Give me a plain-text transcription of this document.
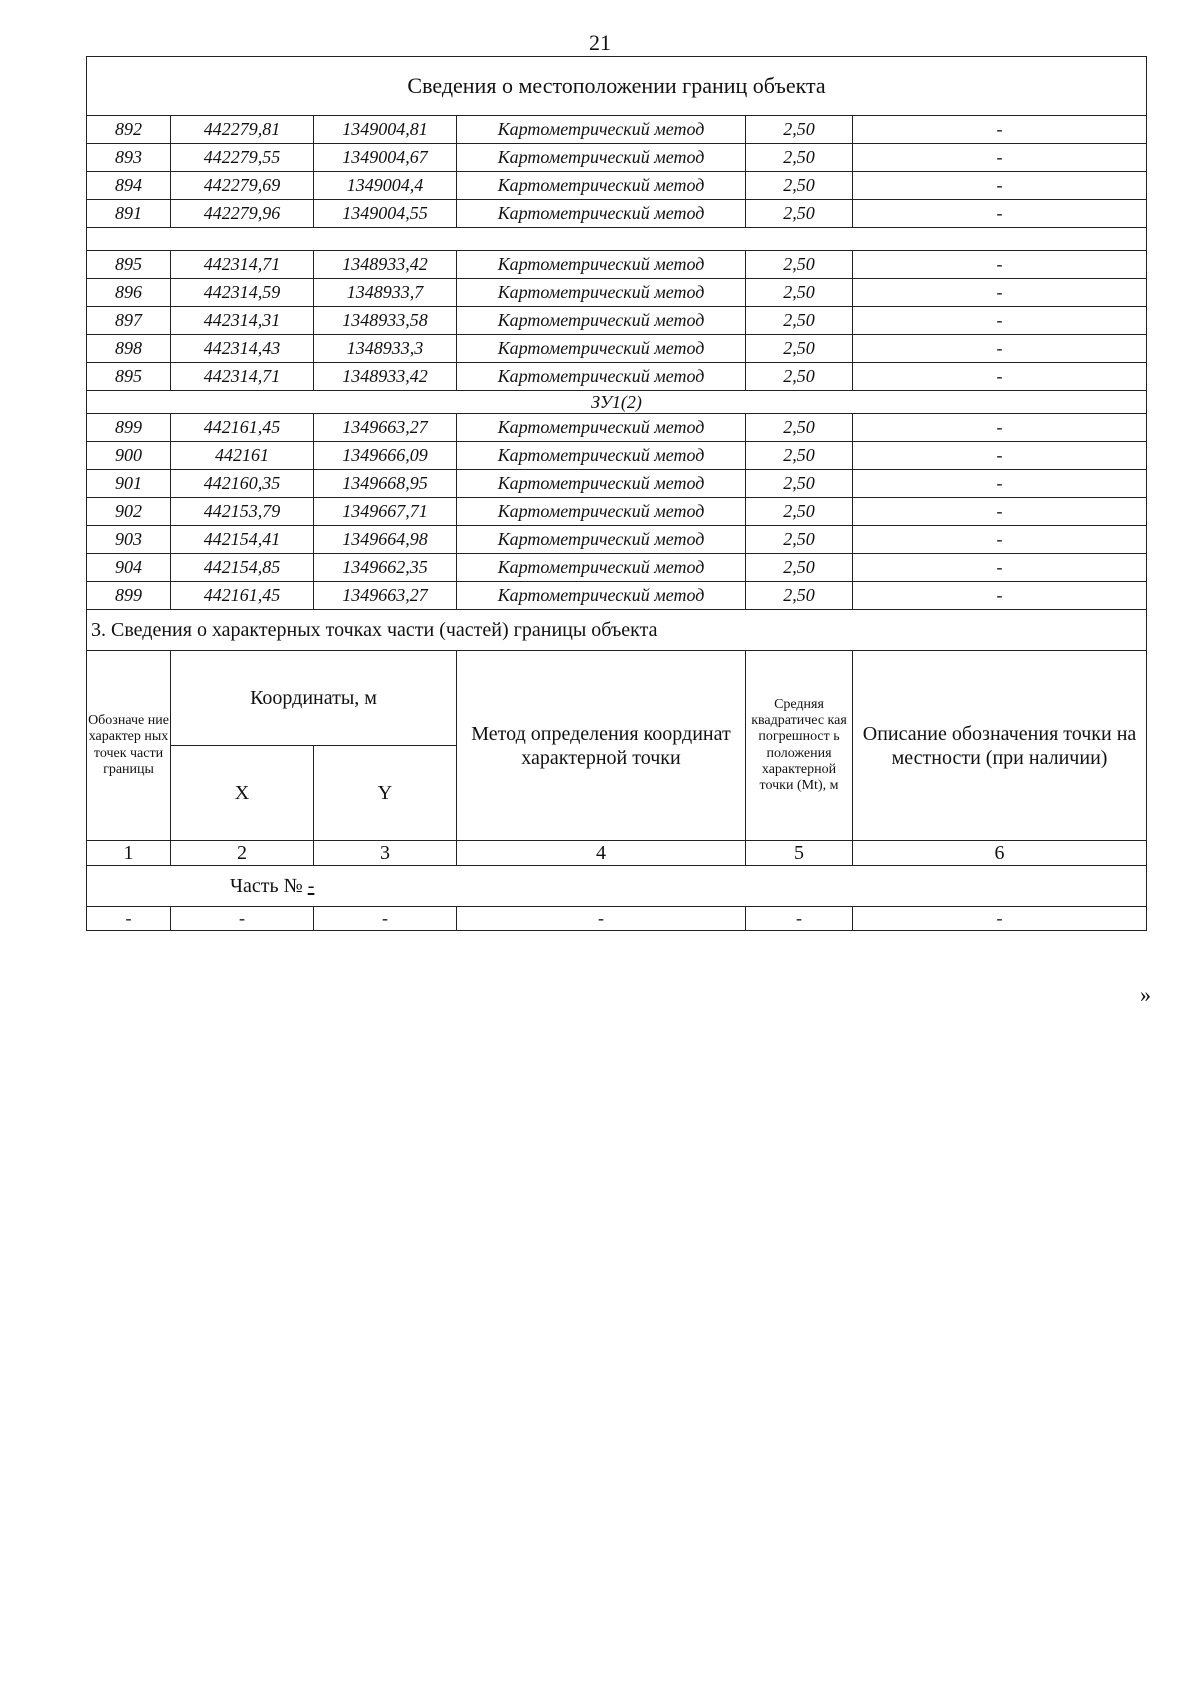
21
Сведения о местоположении границ объекта					
892	442279,81	1349004,81	Картометрический метод	2,50	-
893	442279,55	1349004,67	Картометрический метод	2,50	-
894	442279,69	1349004,4	Картометрический метод	2,50	-
891	442279,96	1349004,55	Картометрический метод	2,50	-

895	442314,71	1348933,42	Картометрический метод	2,50	-
896	442314,59	1348933,7	Картометрический метод	2,50	-
897	442314,31	1348933,58	Картометрический метод	2,50	-
898	442314,43	1348933,3	Картометрический метод	2,50	-
895	442314,71	1348933,42	Картометрический метод	2,50	-
ЗУ1(2)					
899	442161,45	1349663,27	Картометрический метод	2,50	-
900	442161	1349666,09	Картометрический метод	2,50	-
901	442160,35	1349668,95	Картометрический метод	2,50	-
902	442153,79	1349667,71	Картометрический метод	2,50	-
903	442154,41	1349664,98	Картометрический метод	2,50	-
904	442154,85	1349662,35	Картометрический метод	2,50	-
899	442161,45	1349663,27	Картометрический метод	2,50	-
3. Сведения о характерных точках части (частей) границы объекта					
Обозначе ние характер ных точек части границы	Координаты, м		Метод определения координат характерной точки	Средняя квадратичес кая погрешност ь положения характерной точки (Mt), м	Описание обозначения точки на местности (при наличии)
	X	Y			
1	2	3	4	5	6
Часть № -					
-	-	-	-	-	-
»
